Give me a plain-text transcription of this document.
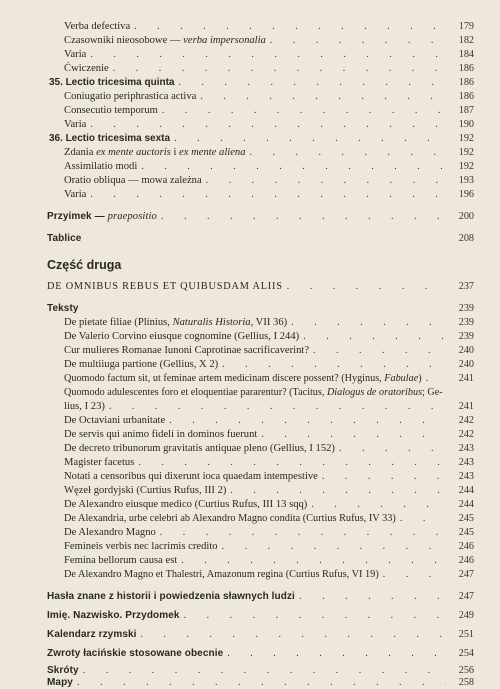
Verba defectiva . . .	179
Czasowniki nieosobowe — verba impersonalia . . .	182
Varia . . .	184
Ćwiczenie . . .	186
35. Lectio tricesima quinta . . .	186
Coniugatio periphrastica activa . . .	186
Consecutio temporum . . .	187
Varia . . .	190
36. Lectio tricesima sexta . . .	192
Zdania ex mente auctoris i ex mente aliena . . .	192
Assimilatio modi . . .	192
Oratio obliqua — mowa zależna . . .	193
Varia . . .	196
Przyimek — praepositio . . .	200
Tablice	208
Część druga
DE OMNIBUS REBUS ET QUIBUSDAM ALIIS . . .	237
Teksty	239
De pietate filiae (Plinius, Naturalis Historia, VII 36) . . .	239
De Valerio Corvino eiusque cognomine (Gellius, I 244) . . .	239
Cur mulieres Romanae Iunoni Caprotinae sacrificaverint? . . .	240
De multiiuga partione (Gellius, X 2) . . .	240
Quomodo factum sit, ut feminae artem medicinam discere possent? (Hyginus, Fabulae) . . .	241
Quomodo adulescentes foro et eloquentiae pararentur? (Tacitus, Dialogus de oratoribus; Ge-
lius, I 23) . . .	241
De Octaviani urbanitate . . .	242
De servis qui animo fideli in dominos fuerunt . . .	242
De decreto tribunorum gravitatis antiquae pleno (Gellius, I 152) . . .	243
Magister facetus . . .	243
Notati a censoribus qui dixerunt ioca quaedam intempestive . . .	243
Węzeł gordyjski (Curtius Rufus, III 2) . . .	244
De Alexandro eiusque medico (Curtius Rufus, III 13 sqq) . . .	244
De Alexandria, urbe celebri ab Alexandro Magno condita (Curtius Rufus, IV 33) . . .	245
De Alexandro Magno . . .	245
Femineis verbis nec lacrimis credito . . .	246
Femina bellorum causa est . . .	246
De Alexandro Magno et Thalestri, Amazonum regina (Curtius Rufus, VI 19) . . .	247
Hasła znane z historii i powiedzenia sławnych ludzi . . .	247
Imię. Nazwisko. Przydomek . . .	249
Kalendarz rzymski . . .	251
Zwroty łacińskie stosowane obecnie . . .	254
Skróty . . .	256
Mapy . . .	258
